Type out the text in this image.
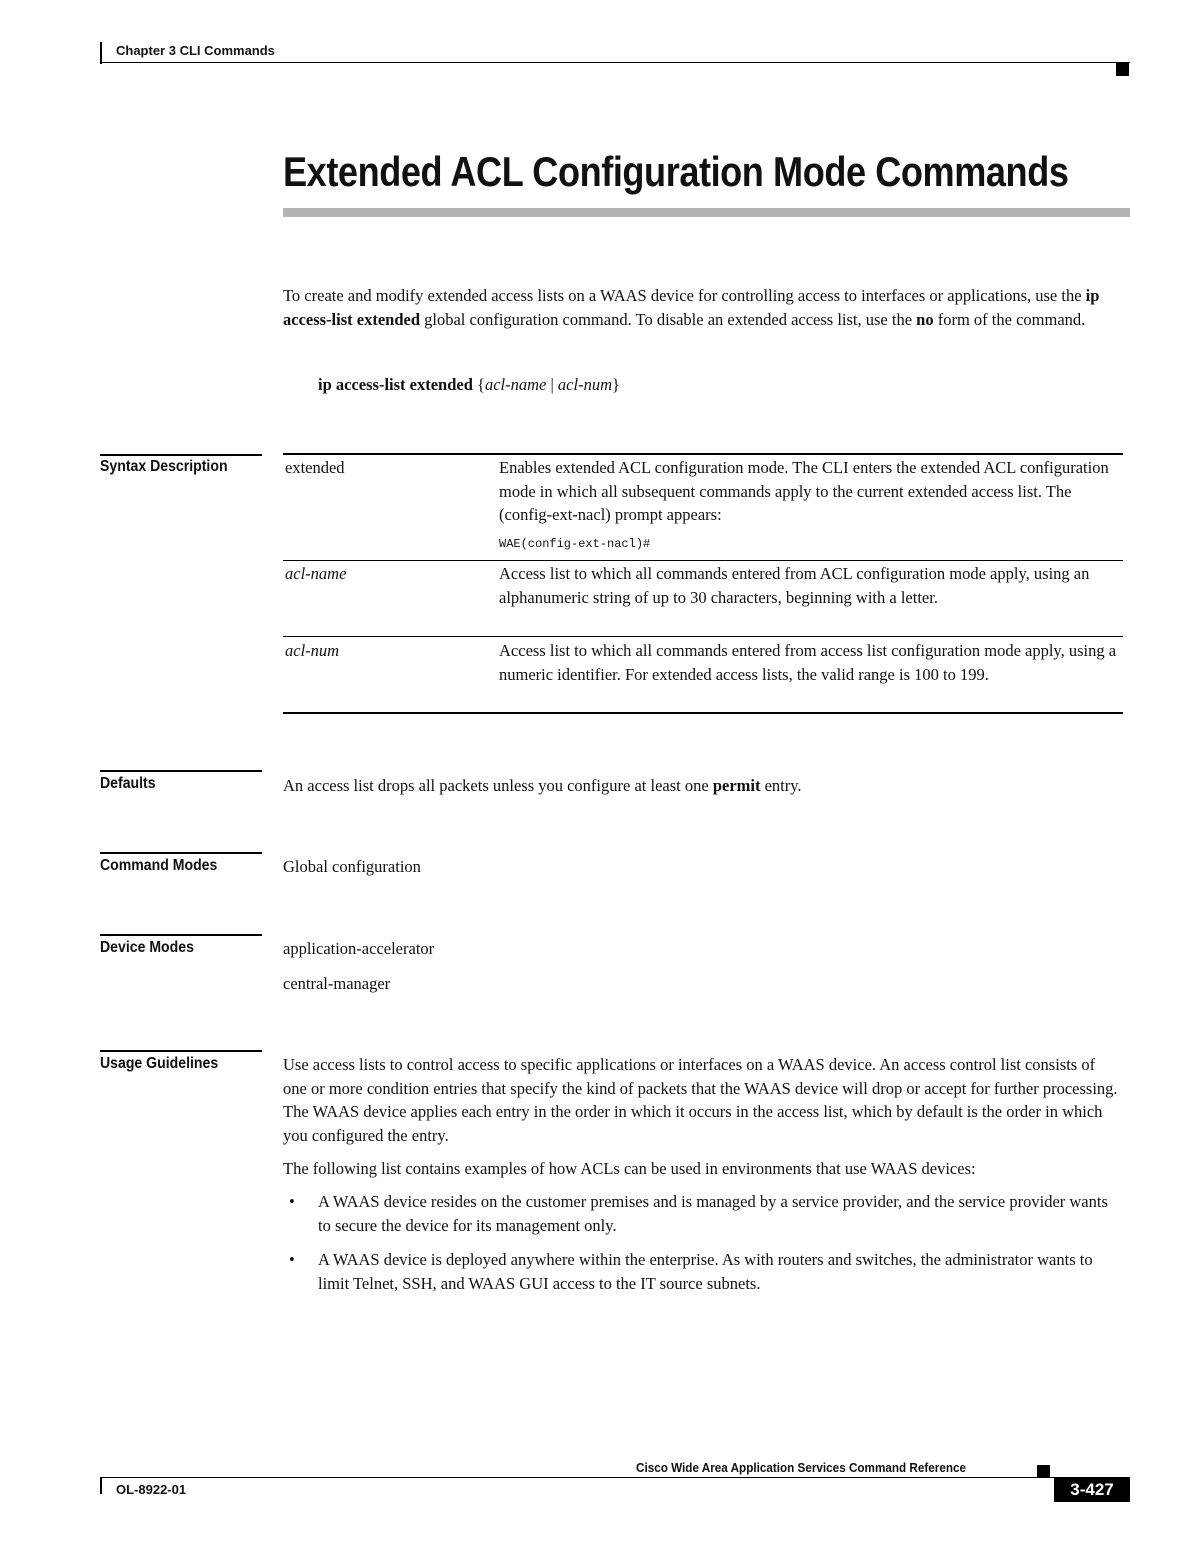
Chapter 3 CLI Commands
Extended ACL Configuration Mode Commands
To create and modify extended access lists on a WAAS device for controlling access to interfaces or applications, use the ip access-list extended global configuration command. To disable an extended access list, use the no form of the command.
ip access-list extended {acl-name | acl-num}
Syntax Description	extended	Enables extended ACL configuration mode. The CLI enters the extended ACL configuration mode in which all subsequent commands apply to the current extended access list. The (config-ext-nacl) prompt appears:
WAE(config-ext-nacl)#
acl-name	Access list to which all commands entered from ACL configuration mode apply, using an alphanumeric string of up to 30 characters, beginning with a letter.
acl-num	Access list to which all commands entered from access list configuration mode apply, using a numeric identifier. For extended access lists, the valid range is 100 to 199.
Defaults	An access list drops all packets unless you configure at least one permit entry.
Command Modes	Global configuration
Device Modes	application-accelerator
central-manager
Usage Guidelines	Use access lists to control access to specific applications or interfaces on a WAAS device. An access control list consists of one or more condition entries that specify the kind of packets that the WAAS device will drop or accept for further processing. The WAAS device applies each entry in the order in which it occurs in the access list, which by default is the order in which you configured the entry.
The following list contains examples of how ACLs can be used in environments that use WAAS devices:
• A WAAS device resides on the customer premises and is managed by a service provider, and the service provider wants to secure the device for its management only.
• A WAAS device is deployed anywhere within the enterprise. As with routers and switches, the administrator wants to limit Telnet, SSH, and WAAS GUI access to the IT source subnets.
Cisco Wide Area Application Services Command Reference
OL-8922-01	3-427
